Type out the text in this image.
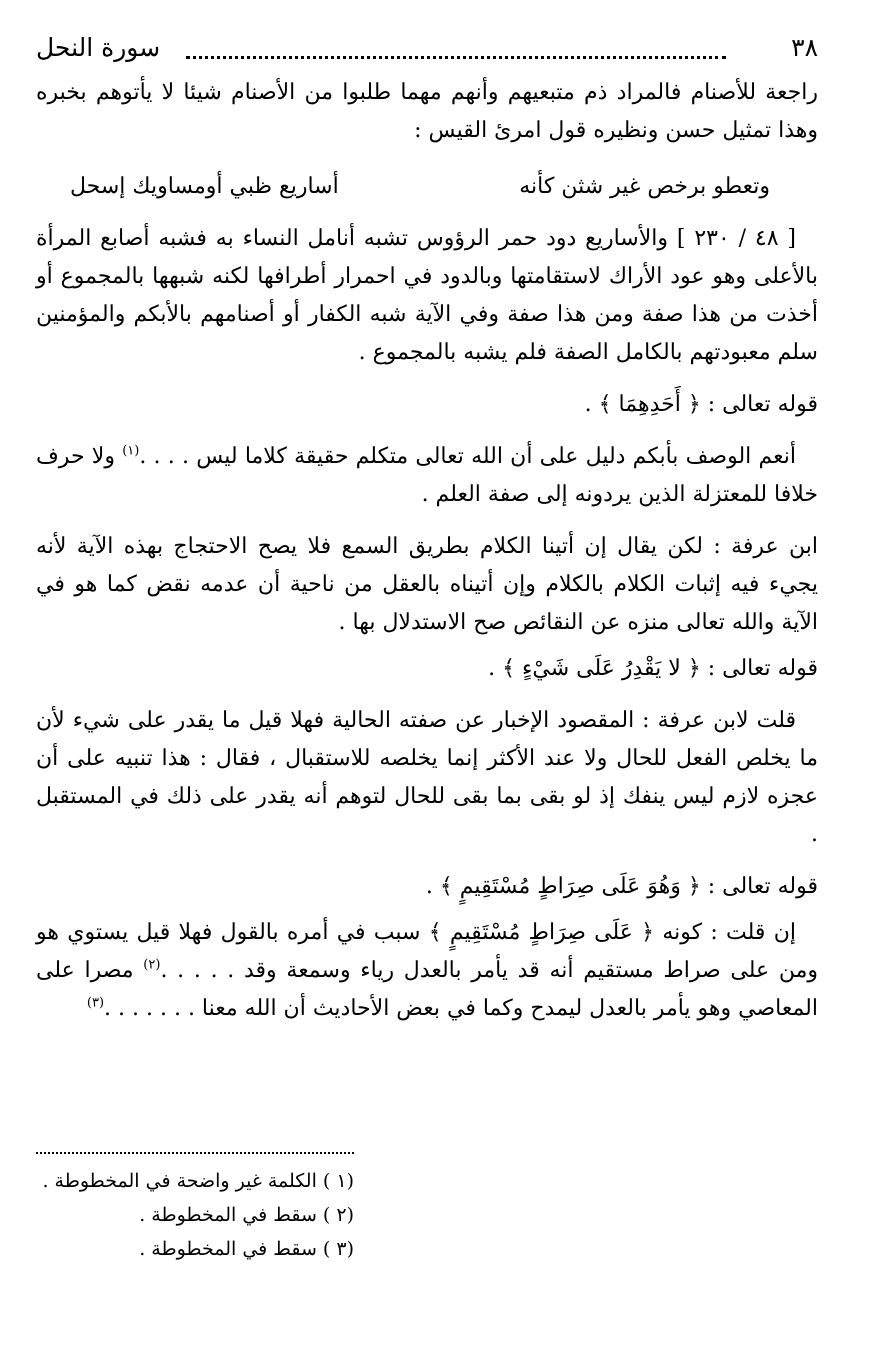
٣٨
سورة النحل

راجعة للأصنام فالمراد ذم متبعيهم وأنهم مهما طلبوا من الأصنام شيئا لا يأتوهم بخبره وهذا تمثيل حسن ونظيره قول امرئ القيس :

وتعطو برخص غير شثن كأنه
أساريع ظبي أومساويك إسحل

[ ٤٨ / ٢٣٠ ] والأساريع دود حمر الرؤوس تشبه أنامل النساء به فشبه أصابع المرأة بالأعلى وهو عود الأراك لاستقامتها وبالدود في احمرار أطرافها لكنه شبهها بالمجموع أو أخذت من هذا صفة ومن هذا صفة وفي الآية شبه الكفار أو أصنامهم بالأبكم والمؤمنين سلم معبودتهم بالكامل الصفة فلم يشبه بالمجموع .

قوله تعالى : ﴿ أَحَدِهِمَا ﴾ .

أنعم الوصف بأبكم دليل على أن الله تعالى متكلم حقيقة كلاما ليس . . . .$^{(١)}$ ولا حرف خلافا للمعتزلة الذين يردونه إلى صفة العلم .

ابن عرفة : لكن يقال إن أتينا الكلام بطريق السمع فلا يصح الاحتجاج بهذه الآية لأنه يجيء فيه إثبات الكلام بالكلام وإن أتيناه بالعقل من ناحية أن عدمه نقض كما هو في الآية والله تعالى منزه عن النقائص صح الاستدلال بها .

قوله تعالى : ﴿ لا يَقْدِرُ عَلَى شَيْءٍ ﴾ .

قلت لابن عرفة : المقصود الإخبار عن صفته الحالية فهلا قيل ما يقدر على شيء لأن ما يخلص الفعل للحال ولا عند الأكثر إنما يخلصه للاستقبال ، فقال : هذا تنبيه على أن عجزه لازم ليس ينفك إذ لو بقى بما بقى للحال لتوهم أنه يقدر على ذلك في المستقبل .

قوله تعالى : ﴿ وَهُوَ عَلَى صِرَاطٍ مُسْتَقِيمٍ ﴾ .

إن قلت : كونه ﴿ عَلَى صِرَاطٍ مُسْتَقِيمٍ ﴾ سبب في أمره بالقول فهلا قيل يستوي هو ومن على صراط مستقيم أنه قد يأمر بالعدل رياء وسمعة وقد . . . . .$^{(٢)}$ مصرا على المعاصي وهو يأمر بالعدل ليمدح وكما في بعض الأحاديث أن الله معنا . . . . . . .$^{(٣)}$

(١ ) الكلمة غير واضحة في المخطوطة .
(٢ ) سقط في المخطوطة .
(٣ ) سقط في المخطوطة .
